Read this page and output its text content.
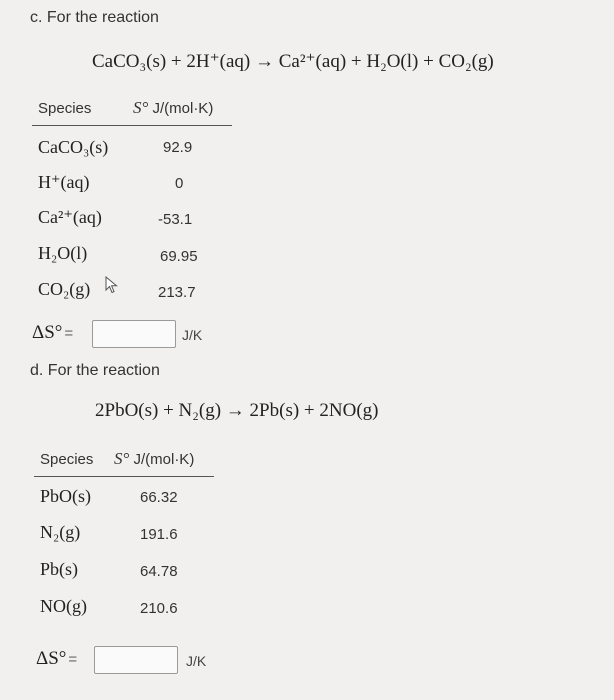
c. For the reaction
CaCO₃(s) + 2H⁺(aq) → Ca²⁺(aq) + H₂O(l) + CO₂(g)
Species S° J/(mol·K)
CaCO₃(s)	92.9
H⁺(aq)	0
Ca²⁺(aq)	-53.1
H₂O(l)	69.95
CO₂(g)	213.7
ΔS° =	J/K
d. For the reaction
2PbO(s) + N₂(g) → 2Pb(s) + 2NO(g)
Species S° J/(mol·K)
PbO(s)	66.32
N₂(g)	191.6
Pb(s)	64.78
NO(g)	210.6
ΔS° =	J/K
